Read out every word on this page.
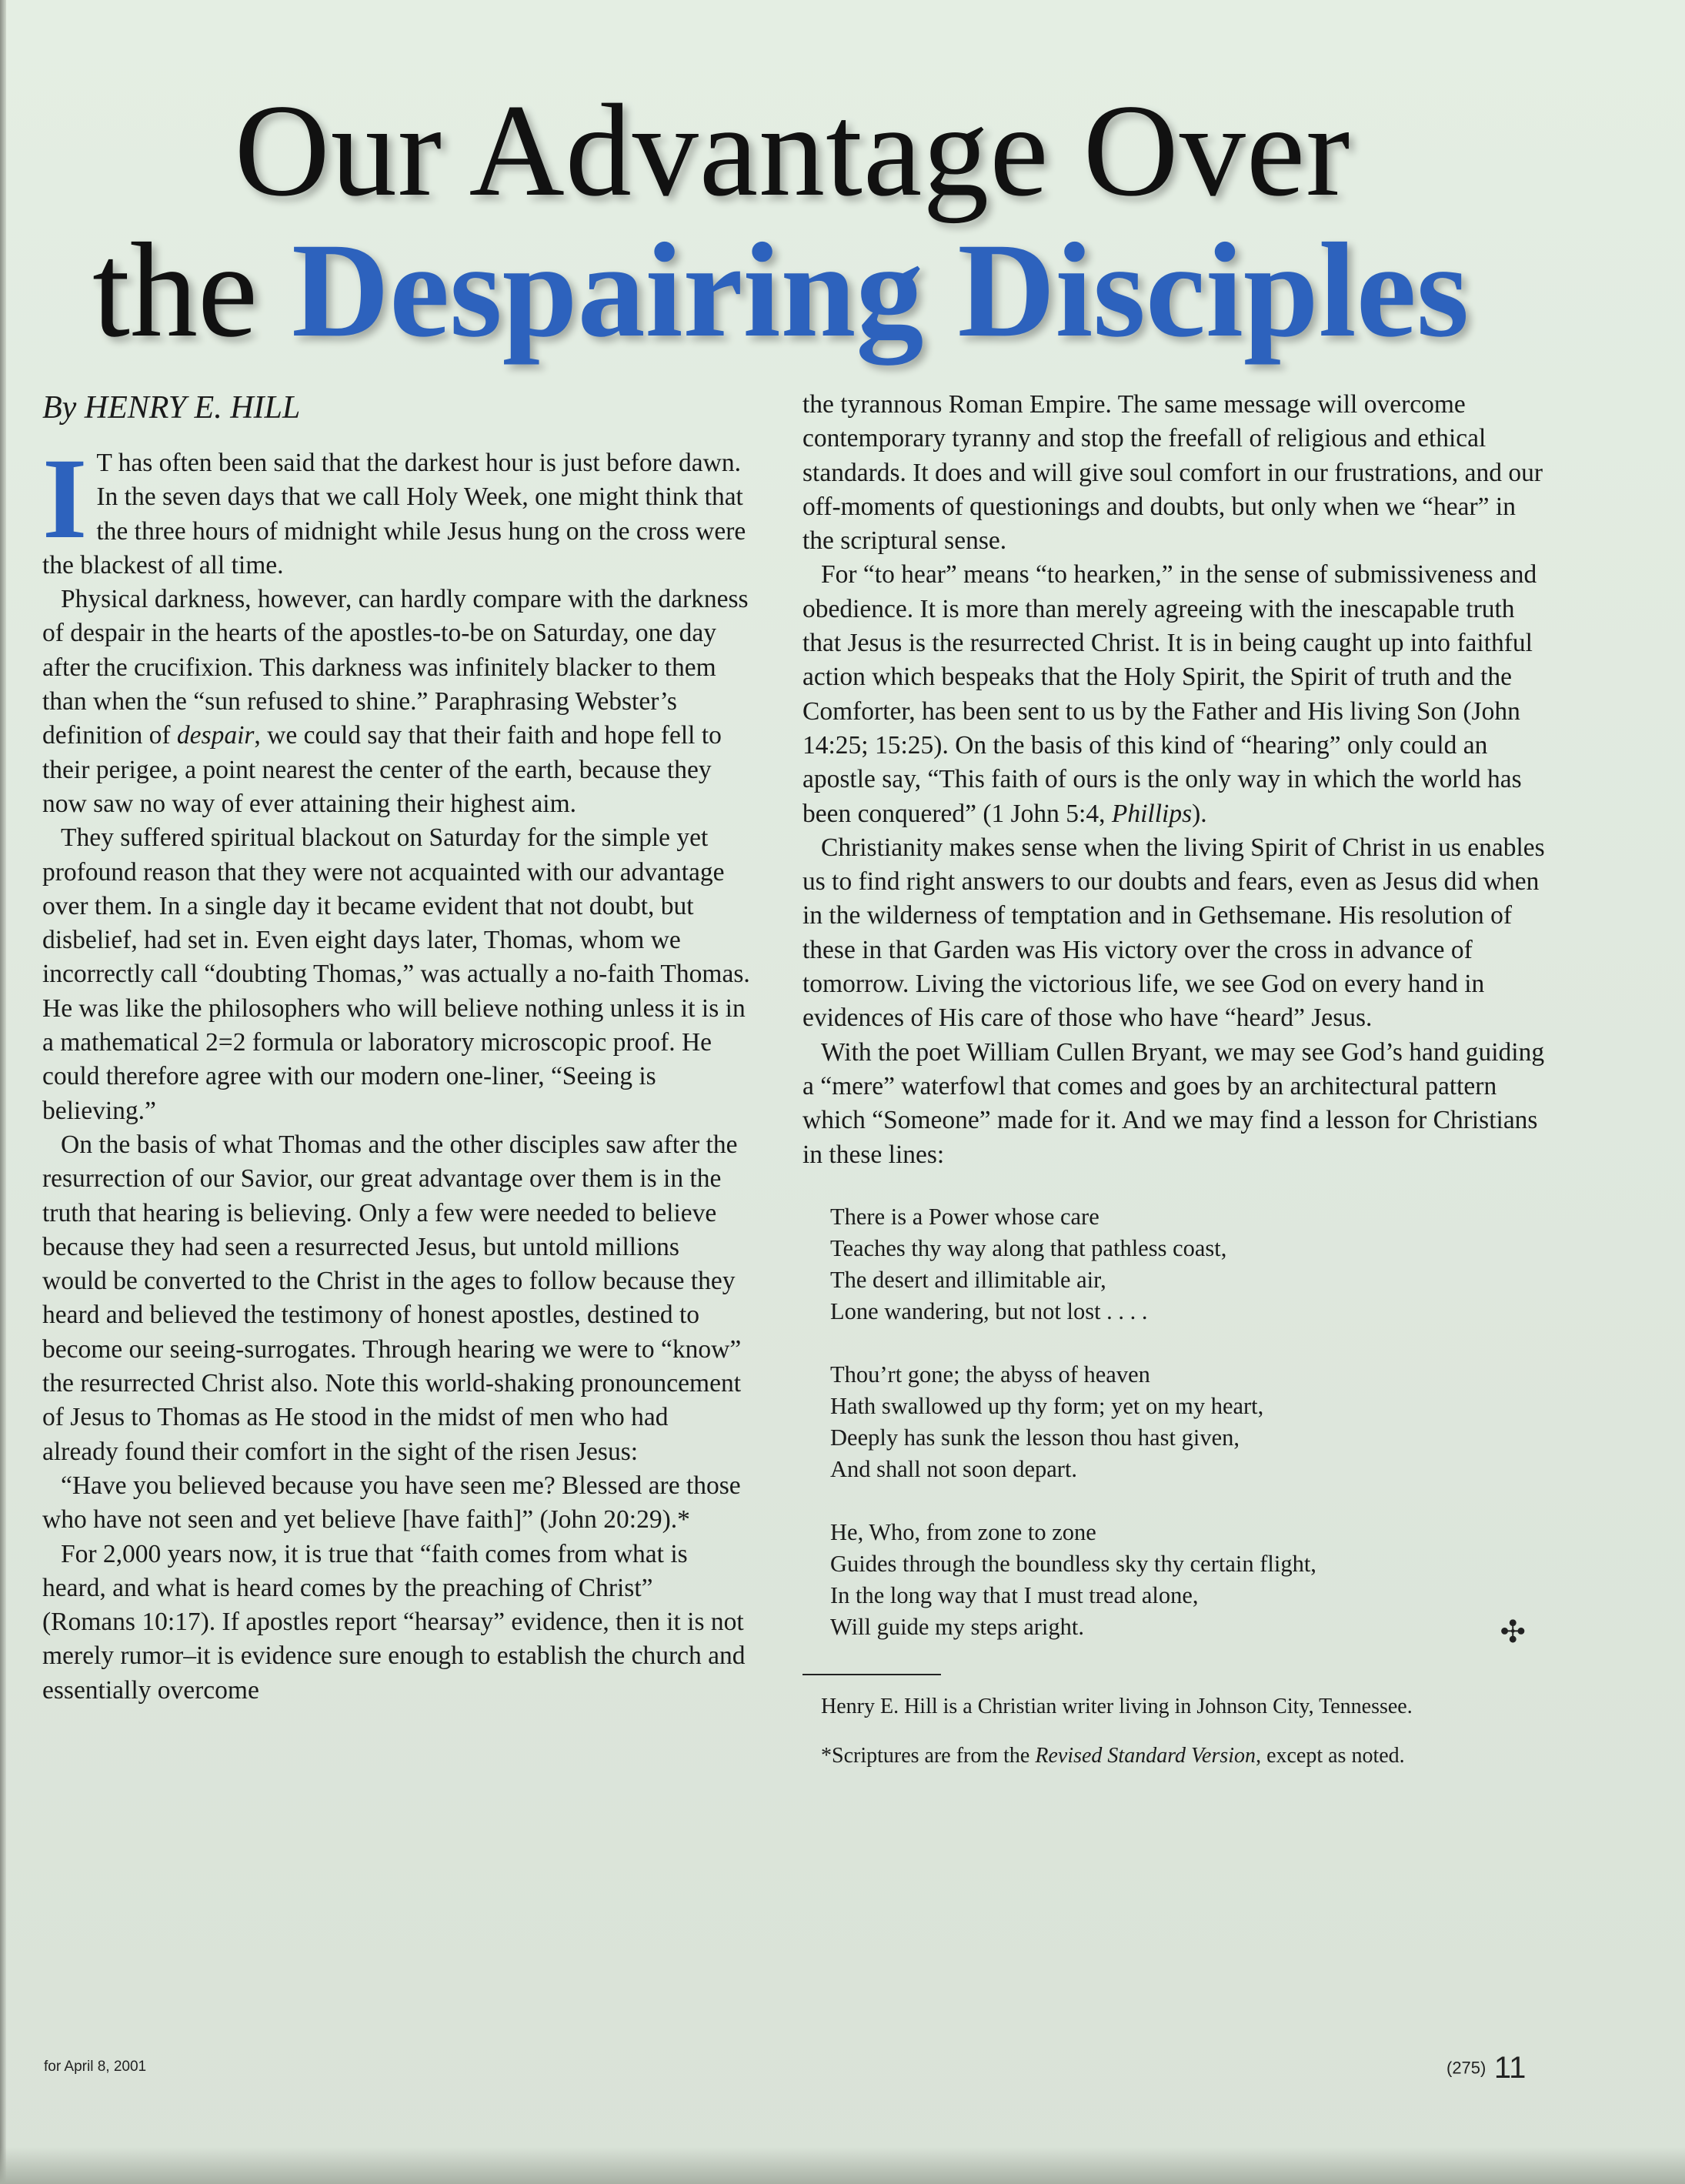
Our Advantage Over
the Despairing Disciples

By HENRY E. HILL

I T has often been said that the darkest hour is just before dawn. In the seven days that we call Holy Week, one might think that the three hours of midnight while Jesus hung on the cross were the blackest of all time.

Physical darkness, however, can hardly compare with the darkness of despair in the hearts of the apostles-to-be on Saturday, one day after the crucifixion. This darkness was infinitely blacker to them than when the “sun refused to shine.” Paraphrasing Webster’s definition of despair, we could say that their faith and hope fell to their perigee, a point nearest the center of the earth, because they now saw no way of ever attaining their highest aim.

They suffered spiritual blackout on Saturday for the simple yet profound reason that they were not acquainted with our advantage over them. In a single day it became evident that not doubt, but disbelief, had set in. Even eight days later, Thomas, whom we incorrectly call “doubting Thomas,” was actually a no-faith Thomas. He was like the philosophers who will believe nothing unless it is in a mathematical 2=2 formula or laboratory microscopic proof. He could therefore agree with our modern one-liner, “Seeing is believing.”

On the basis of what Thomas and the other disciples saw after the resurrection of our Savior, our great advantage over them is in the truth that hearing is believing. Only a few were needed to believe because they had seen a resurrected Jesus, but untold millions would be converted to the Christ in the ages to follow because they heard and believed the testimony of honest apostles, destined to become our seeing-surrogates. Through hearing we were to “know” the resurrected Christ also. Note this world-shaking pronouncement of Jesus to Thomas as He stood in the midst of men who had already found their comfort in the sight of the risen Jesus:

“Have you believed because you have seen me? Blessed are those who have not seen and yet believe [have faith]” (John 20:29).*

For 2,000 years now, it is true that “faith comes from what is heard, and what is heard comes by the preaching of Christ” (Romans 10:17). If apostles report “hearsay” evidence, then it is not merely rumor–it is evidence sure enough to establish the church and essentially overcome

the tyrannous Roman Empire. The same message will overcome contemporary tyranny and stop the freefall of religious and ethical standards. It does and will give soul comfort in our frustrations, and our off-moments of questionings and doubts, but only when we “hear” in the scriptural sense.

For “to hear” means “to hearken,” in the sense of submissiveness and obedience. It is more than merely agreeing with the inescapable truth that Jesus is the resurrected Christ. It is in being caught up into faithful action which bespeaks that the Holy Spirit, the Spirit of truth and the Comforter, has been sent to us by the Father and His living Son (John 14:25; 15:25). On the basis of this kind of “hearing” only could an apostle say, “This faith of ours is the only way in which the world has been conquered” (1 John 5:4, Phillips).

Christianity makes sense when the living Spirit of Christ in us enables us to find right answers to our doubts and fears, even as Jesus did when in the wilderness of temptation and in Gethsemane. His resolution of these in that Garden was His victory over the cross in advance of tomorrow. Living the victorious life, we see God on every hand in evidences of His care of those who have “heard” Jesus.

With the poet William Cullen Bryant, we may see God’s hand guiding a “mere” waterfowl that comes and goes by an architectural pattern which “Someone” made for it. And we may find a lesson for Christians in these lines:

There is a Power whose care
Teaches thy way along that pathless coast,
The desert and illimitable air,
Lone wandering, but not lost . . . .
Thou’rt gone; the abyss of heaven
Hath swallowed up thy form; yet on my heart,
Deeply has sunk the lesson thou hast given,
And shall not soon depart.
He, Who, from zone to zone
Guides through the boundless sky thy certain flight,
In the long way that I must tread alone,
Will guide my steps aright.	✣

Henry E. Hill is a Christian writer living in Johnson City, Tennessee.

*Scriptures are from the Revised Standard Version, except as noted.

for April 8, 2001	(275) 11
